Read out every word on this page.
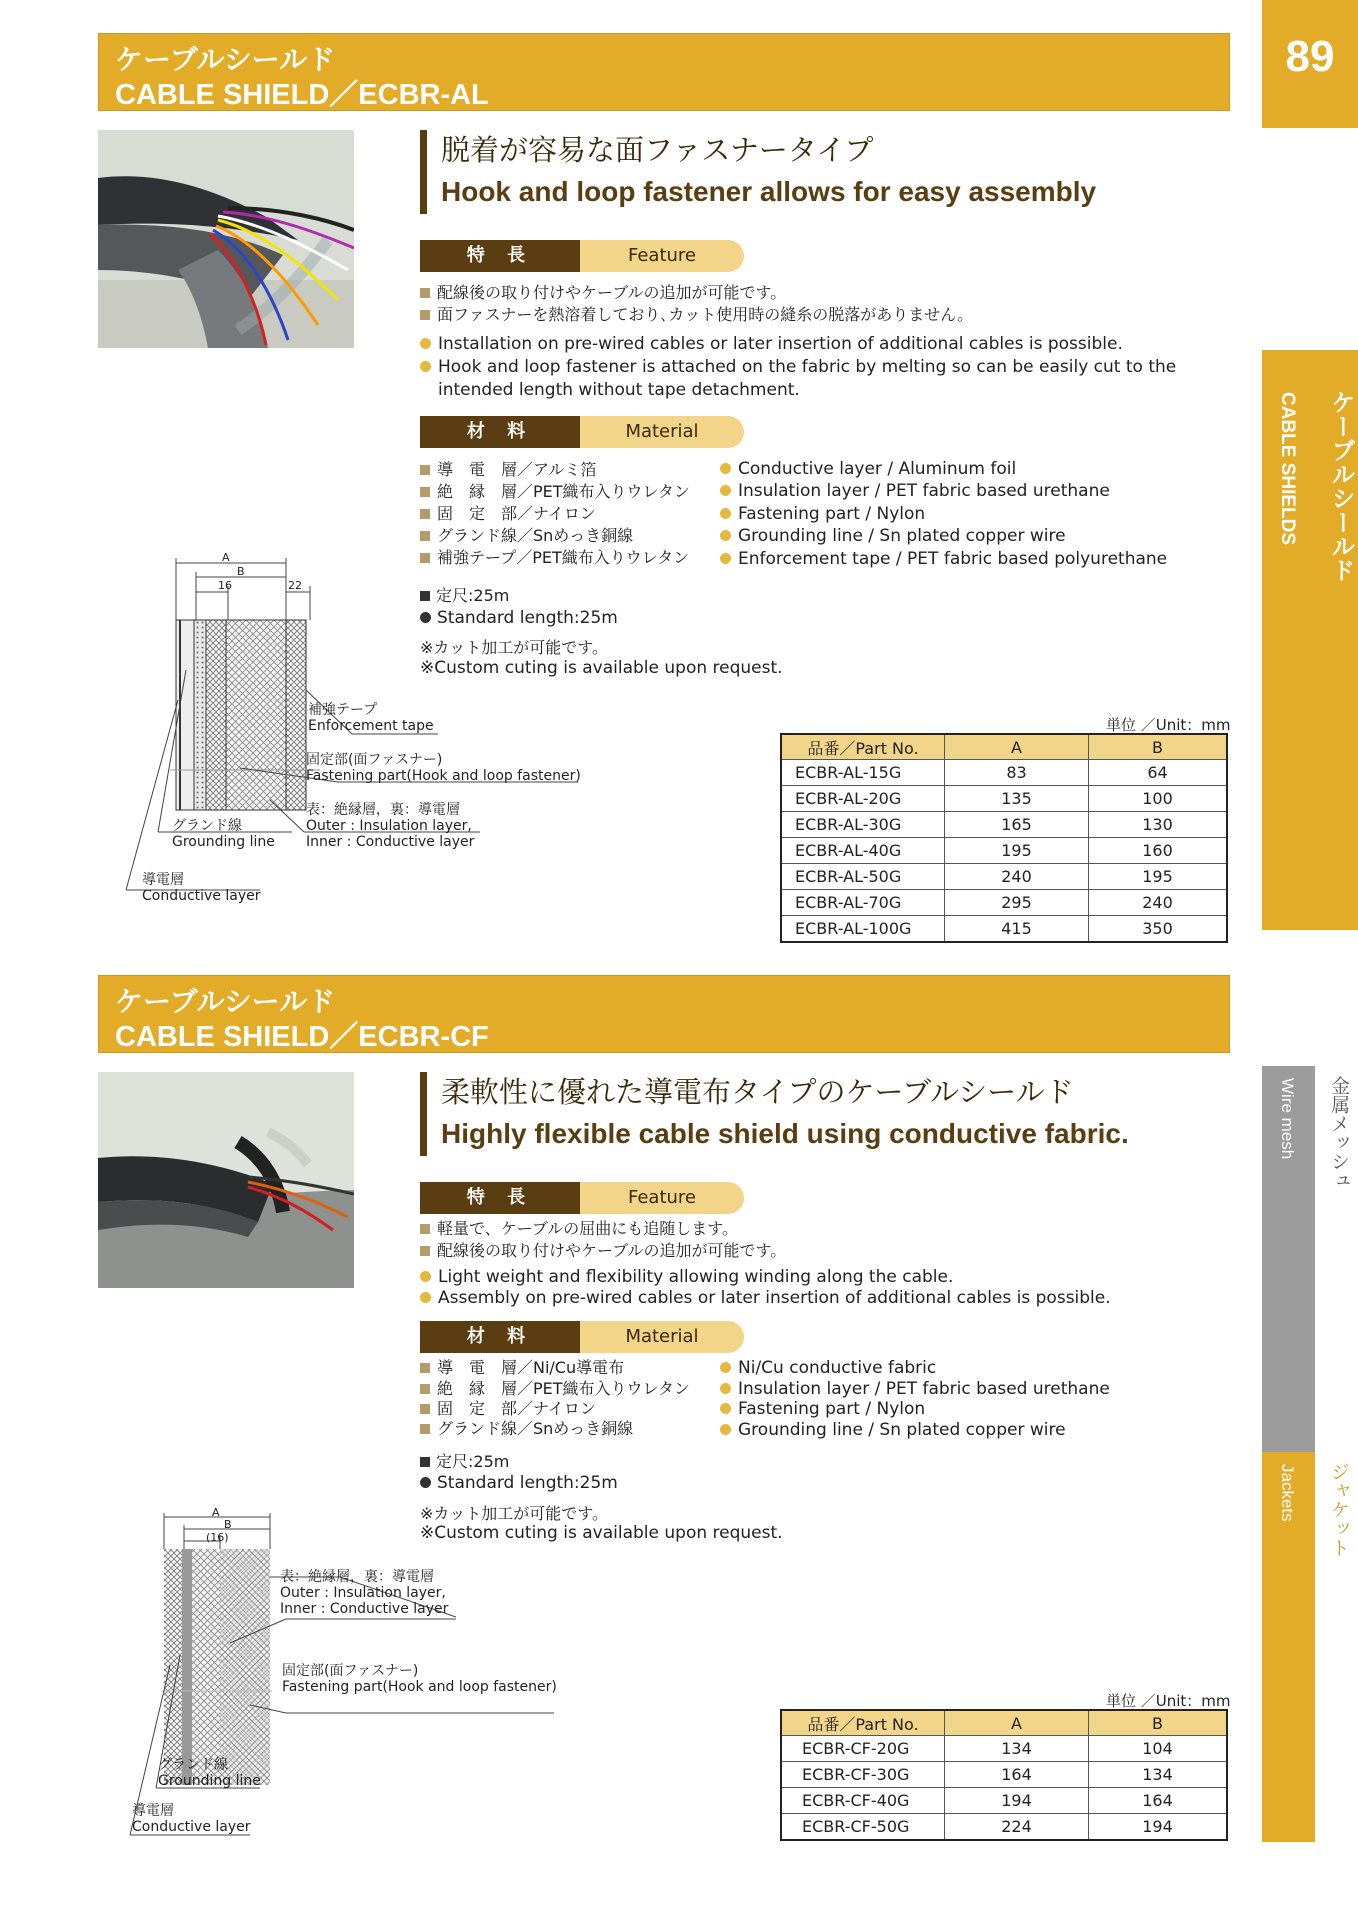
89
CABLE SHIELDS ケーブルシールド
Wire mesh 金属メッシュ
Jackets ジャケット
ケーブルシールド
CABLE SHIELD／ECBR-AL
脱着が容易な面ファスナータイプ
Hook and loop fastener allows for easy assembly
特 長	Feature
配線後の取り付けやケーブルの追加が可能です。
面ファスナーを熱溶着しており､カット使用時の縫糸の脱落がありません。
Installation on pre-wired cables or later insertion of additional cables is possible.
Hook and loop fastener is attached on the fabric by melting so can be easily cut to the
intended length without tape detachment.
材 料	Material
導　電　層／アルミ箔
絶　縁　層／PET織布入りウレタン
固　定　部／ナイロン
グランド線／Snめっき銅線
補強テープ／PET織布入りウレタン
Conductive layer / Aluminum foil
Insulation layer / PET fabric based urethane
Fastening part / Nylon
Grounding line / Sn plated copper wire
Enforcement tape / PET fabric based polyurethane
定尺:25m
Standard length:25m
※カット加工が可能です。
※Custom cuting is available upon request.
A
B
16	22
補強テープ
Enforcement tape
固定部(面ファスナー)
Fastening part(Hook and loop fastener)
表：絶縁層，裏：導電層
Outer : Insulation layer,
Inner : Conductive layer
グランド線
Grounding line
導電層
Conductive layer
単位 ／Unit：mm
品番／Part No.	A	B
ECBR-AL-15G	83	64
ECBR-AL-20G	135	100
ECBR-AL-30G	165	130
ECBR-AL-40G	195	160
ECBR-AL-50G	240	195
ECBR-AL-70G	295	240
ECBR-AL-100G	415	350
ケーブルシールド
CABLE SHIELD／ECBR-CF
柔軟性に優れた導電布タイプのケーブルシールド
Highly flexible cable shield using conductive fabric.
特 長	Feature
軽量で、ケーブルの屈曲にも追随します。
配線後の取り付けやケーブルの追加が可能です。
Light weight and flexibility allowing winding along the cable.
Assembly on pre-wired cables or later insertion of additional cables is possible.
材 料	Material
導　電　層／Ni/Cu導電布
絶　縁　層／PET織布入りウレタン
固　定　部／ナイロン
グランド線／Snめっき銅線
Ni/Cu conductive fabric
Insulation layer / PET fabric based urethane
Fastening part / Nylon
Grounding line / Sn plated copper wire
定尺:25m
Standard length:25m
※カット加工が可能です。
※Custom cuting is available upon request.
A
B
(16)
表：絶縁層，裏：導電層
Outer : Insulation layer,
Inner : Conductive layer
固定部(面ファスナー)
Fastening part(Hook and loop fastener)
グランド線
Grounding line
導電層
Conductive layer
単位 ／Unit：mm
品番／Part No.	A	B
ECBR-CF-20G	134	104
ECBR-CF-30G	164	134
ECBR-CF-40G	194	164
ECBR-CF-50G	224	194
